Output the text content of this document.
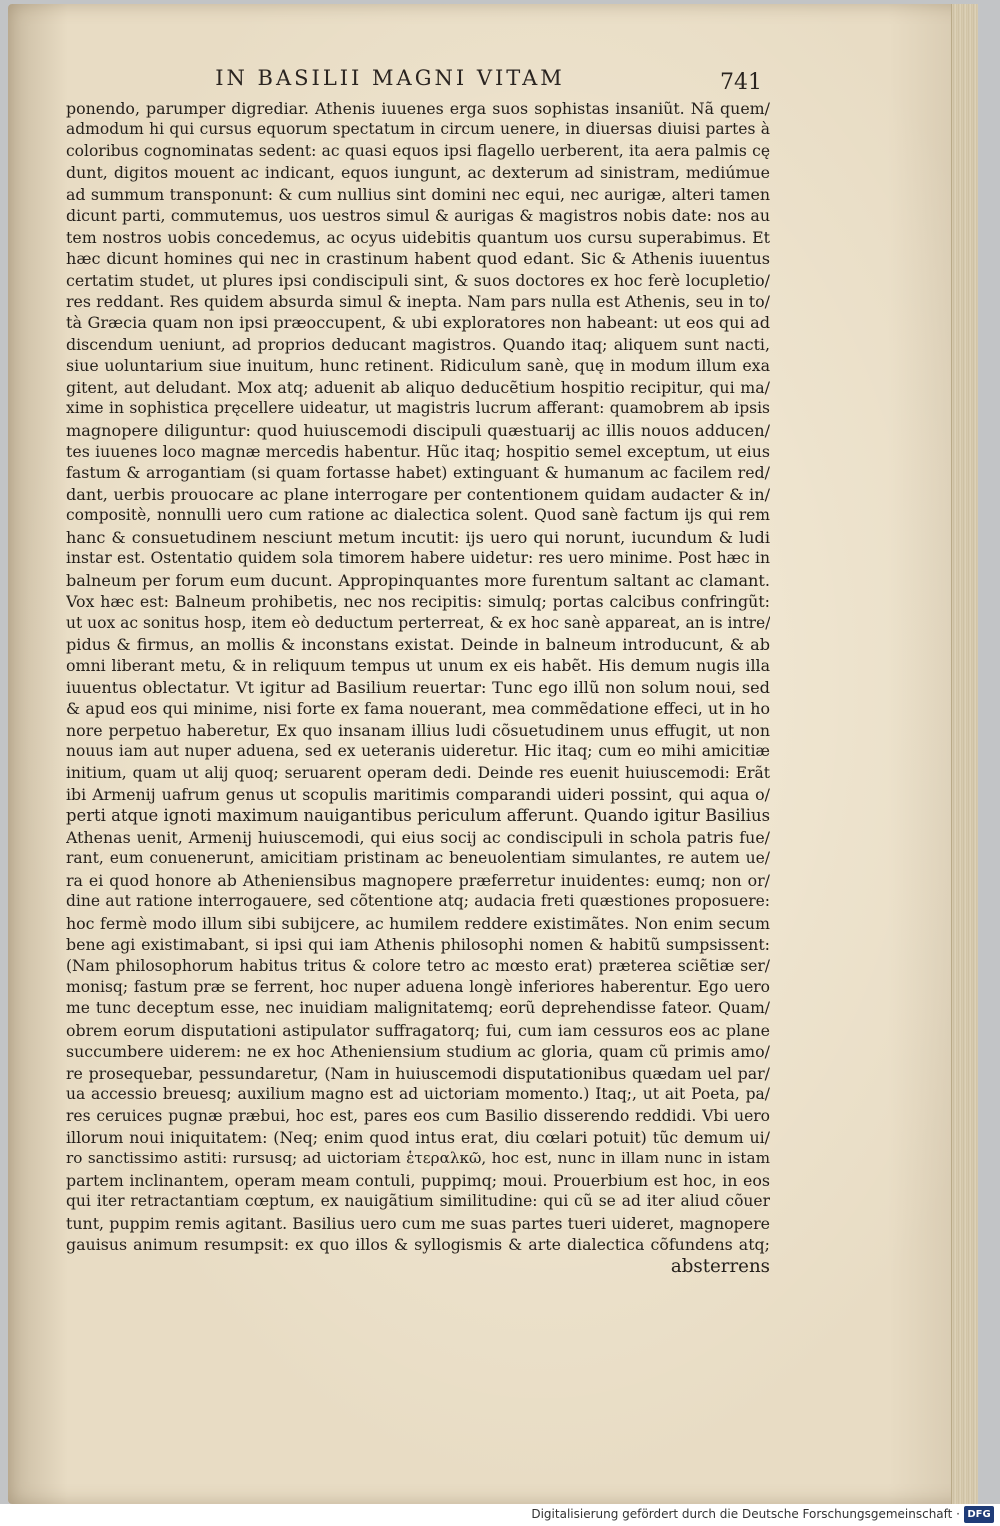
IN BASILII MAGNI VITAM	741
ponendo, parumper digrediar. Athenis iuuenes erga suos sophistas insaniũt. Nã quem/
admodum hi qui cursus equorum spectatum in circum uenere, in diuersas diuisi partes à
coloribus cognominatas sedent: ac quasi equos ipsi flagello uerberent, ita aera palmis cę
dunt, digitos mouent ac indicant, equos iungunt, ac dexterum ad sinistram, mediúmue
ad summum transponunt: & cum nullius sint domini nec equi, nec aurigæ, alteri tamen
dicunt parti, commutemus, uos uestros simul & aurigas & magistros nobis date: nos au
tem nostros uobis concedemus, ac ocyus uidebitis quantum uos cursu superabimus. Et
hæc dicunt homines qui nec in crastinum habent quod edant. Sic & Athenis iuuentus
certatim studet, ut plures ipsi condiscipuli sint, & suos doctores ex hoc ferè locupletio/
res reddant. Res quidem absurda simul & inepta. Nam pars nulla est Athenis, seu in to/
tà Græcia quam non ipsi præoccupent, & ubi exploratores non habeant: ut eos qui ad
discendum ueniunt, ad proprios deducant magistros. Quando itaq; aliquem sunt nacti,
siue uoluntarium siue inuitum, hunc retinent. Ridiculum sanè, quę in modum illum exa
gitent, aut deludant. Mox atq; aduenit ab aliquo deducẽtium hospitio recipitur, qui ma/
xime in sophistica pręcellere uideatur, ut magistris lucrum afferant: quamobrem ab ipsis
magnopere diliguntur: quod huiuscemodi discipuli quæstuarij ac illis nouos adducen/
tes iuuenes loco magnæ mercedis habentur. Hũc itaq; hospitio semel exceptum, ut eius
fastum & arrogantiam (si quam fortasse habet) extinguant & humanum ac facilem red/
dant, uerbis prouocare ac plane interrogare per contentionem quidam audacter & in/
compositè, nonnulli uero cum ratione ac dialectica solent. Quod sanè factum ijs qui rem
hanc & consuetudinem nesciunt metum incutit: ijs uero qui norunt, iucundum & ludi
instar est. Ostentatio quidem sola timorem habere uidetur: res uero minime. Post hæc in
balneum per forum eum ducunt. Appropinquantes more furentum saltant ac clamant.
Vox hæc est: Balneum prohibetis, nec nos recipitis: simulq; portas calcibus confringũt:
ut uox ac sonitus hosp, item eò deductum perterreat, & ex hoc sanè appareat, an is intre/
pidus & firmus, an mollis & inconstans existat. Deinde in balneum introducunt, & ab
omni liberant metu, & in reliquum tempus ut unum ex eis habẽt. His demum nugis illa
iuuentus oblectatur. Vt igitur ad Basilium reuertar: Tunc ego illũ non solum noui, sed
& apud eos qui minime, nisi forte ex fama nouerant, mea commẽdatione effeci, ut in ho
nore perpetuo haberetur, Ex quo insanam illius ludi cõsuetudinem unus effugit, ut non
nouus iam aut nuper aduena, sed ex ueteranis uideretur. Hic itaq; cum eo mihi amicitiæ
initium, quam ut alij quoq; seruarent operam dedi. Deinde res euenit huiuscemodi: Erãt
ibi Armenij uafrum genus ut scopulis maritimis comparandi uideri possint, qui aqua o/
perti atque ignoti maximum nauigantibus periculum afferunt. Quando igitur Basilius
Athenas uenit, Armenij huiuscemodi, qui eius socij ac condiscipuli in schola patris fue/
rant, eum conuenerunt, amicitiam pristinam ac beneuolentiam simulantes, re autem ue/
ra ei quod honore ab Atheniensibus magnopere præferretur inuidentes: eumq; non or/
dine aut ratione interrogauere, sed cõtentione atq; audacia freti quæstiones proposuere:
hoc fermè modo illum sibi subijcere, ac humilem reddere existimãtes. Non enim secum
bene agi existimabant, si ipsi qui iam Athenis philosophi nomen & habitũ sumpsissent:
(Nam philosophorum habitus tritus & colore tetro ac mœsto erat) præterea sciẽtiæ ser/
monisq; fastum præ se ferrent, hoc nuper aduena longè inferiores haberentur. Ego uero
me tunc deceptum esse, nec inuidiam malignitatemq; eorũ deprehendisse fateor. Quam/
obrem eorum disputationi astipulator suffragatorq; fui, cum iam cessuros eos ac plane
succumbere uiderem: ne ex hoc Atheniensium studium ac gloria, quam cũ primis amo/
re prosequebar, pessundaretur, (Nam in huiuscemodi disputationibus quædam uel par/
ua accessio breuesq; auxilium magno est ad uictoriam momento.) Itaq;, ut ait Poeta, pa/
res ceruices pugnæ præbui, hoc est, pares eos cum Basilio disserendo reddidi. Vbi uero
illorum noui iniquitatem: (Neq; enim quod intus erat, diu cœlari potuit) tũc demum ui/
ro sanctissimo astiti: rursusq; ad uictoriam ἑτεραλκῶ, hoc est, nunc in illam nunc in istam
partem inclinantem, operam meam contuli, puppimq; moui. Prouerbium est hoc, in eos
qui iter retractantiam cœptum, ex nauigãtium similitudine: qui cũ se ad iter aliud cõuer
tunt, puppim remis agitant. Basilius uero cum me suas partes tueri uideret, magnopere
gauisus animum resumpsit: ex quo illos & syllogismis & arte dialectica cõfundens atq;
absterrens
Digitalisierung gefördert durch die Deutsche Forschungsgemeinschaft · DFG
